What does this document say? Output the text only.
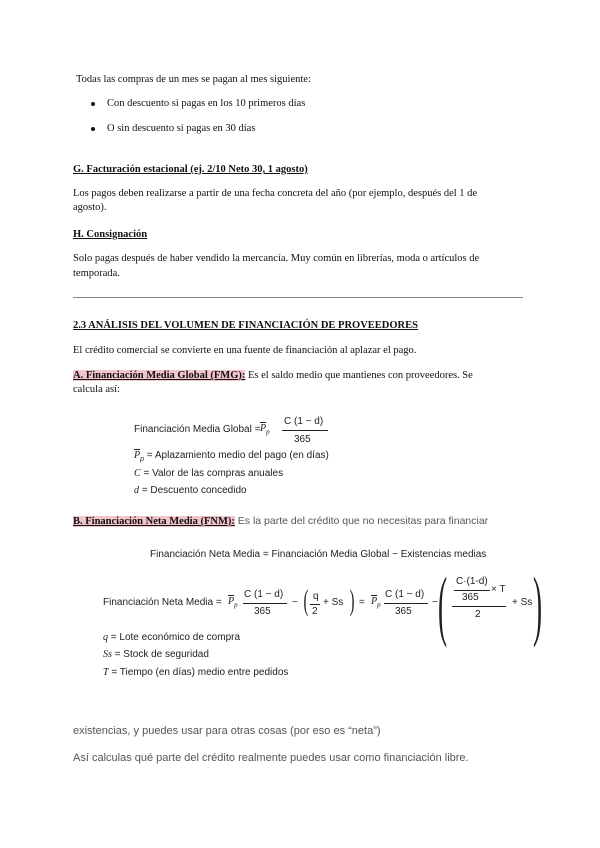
Todas las compras de un mes se pagan al mes siguiente:
Con descuento si pagas en los 10 primeros días
O sin descuento si pagas en 30 días
G. Facturación estacional (ej. 2/10 Neto 30, 1 agosto)
Los pagos deben realizarse a partir de una fecha concreta del año (por ejemplo, después del 1 de
agosto).
H. Consignación
Solo pagas después de haber vendido la mercancía. Muy común en librerías, moda o artículos de
temporada.
2.3 ANÁLISIS DEL VOLUMEN DE FINANCIACIÓN DE PROVEEDORES
El crédito comercial se convierte en una fuente de financiación al aplazar el pago.
A. Financiación Media Global (FMG): Es el saldo medio que mantienes con proveedores. Se
calcula así:
Financiación Media Global = $\overline{P}_p$
C (1 − d)
365
$\overline{P}_p$ = Aplazamiento medio del pago (en días)
C = Valor de las compras anuales
d = Descuento concedido
B. Financiación Neta Media (FNM): Es la parte del crédito que no necesitas para financiar
Financiación Neta Media = Financiación Media Global − Existencias medias
Financiación Neta Media = $\overline{P}_p$
C (1 − d)
365
− ( q
2
+ Ss ) = $\overline{P}_p$
C (1 − d)
365
− ( C·(1-d)
365
× T
2
+ Ss )
q = Lote económico de compra
Ss = Stock de seguridad
T = Tiempo (en días) medio entre pedidos
existencias, y puedes usar para otras cosas (por eso es “neta”)
Así calculas qué parte del crédito realmente puedes usar como financiación libre.
